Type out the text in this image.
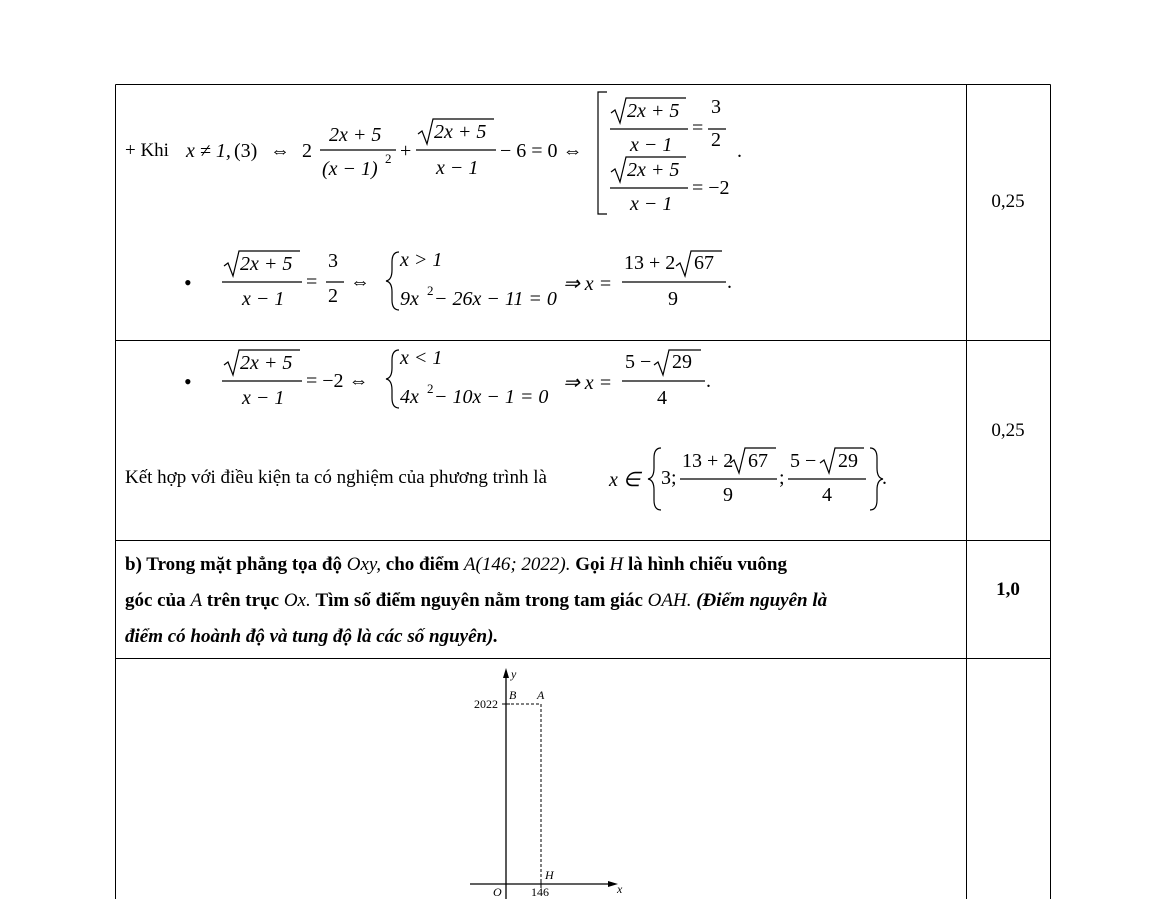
+ Khi x ≠ 1, (3) ⇔ 2
2x + 5
(x − 1) 2 +
2x + 5
x − 1
− 6 = 0 ⇔
2x + 5
x − 1
=
3
2
2x + 5
x − 1
= −2
.
•
2x + 5
x − 1
=
3
2
⇔
x > 1
9x 2 − 26x − 11 = 0
⇒ x =
13 + 2 67
9
.
0,25
•
2x + 5
x − 1
= −2 ⇔
x < 1
4x 2 − 10x − 1 = 0
⇒ x =
5 − 29
4
.
Kết hợp với điều kiện ta có nghiệm của phương trình là	x ∈ 3;
13 + 2 67
9
;
5 − 29
4
.
0,25
b) Trong mặt phẳng tọa độ Oxy, cho điểm A(146; 2022). Gọi H là hình chiếu vuông
góc của A trên trục Ox. Tìm số điểm nguyên nằm trong tam giác OAH. (Điểm nguyên là
điểm có hoành độ và tung độ là các số nguyên).
1,0
y
x
2022
146
O
B A
H
